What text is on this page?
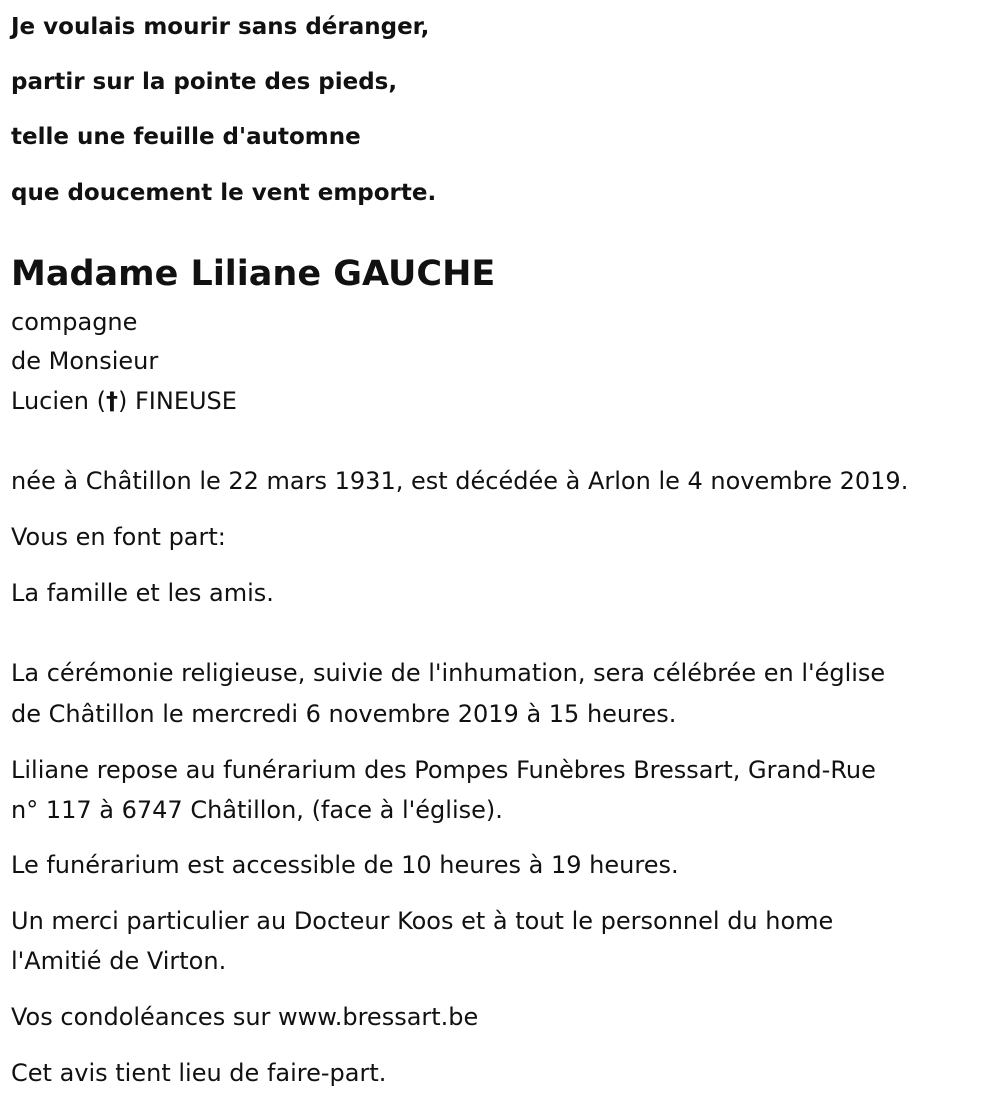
Je voulais mourir sans déranger,

partir sur la pointe des pieds,

telle une feuille d'automne

que doucement le vent emporte.

Madame Liliane GAUCHE
compagne
de Monsieur
Lucien (†) FINEUSE
née à Châtillon le 22 mars 1931, est décédée à Arlon le 4 novembre 2019.
Vous en font part:
La famille et les amis.
La cérémonie religieuse, suivie de l'inhumation, sera célébrée en l'église
de Châtillon le mercredi 6 novembre 2019 à 15 heures.
Liliane repose au funérarium des Pompes Funèbres Bressart, Grand-Rue
n° 117 à 6747 Châtillon, (face à l'église).
Le funérarium est accessible de 10 heures à 19 heures.
Un merci particulier au Docteur Koos et à tout le personnel du home
l'Amitié de Virton.
Vos condoléances sur www.bressart.be
Cet avis tient lieu de faire-part.
